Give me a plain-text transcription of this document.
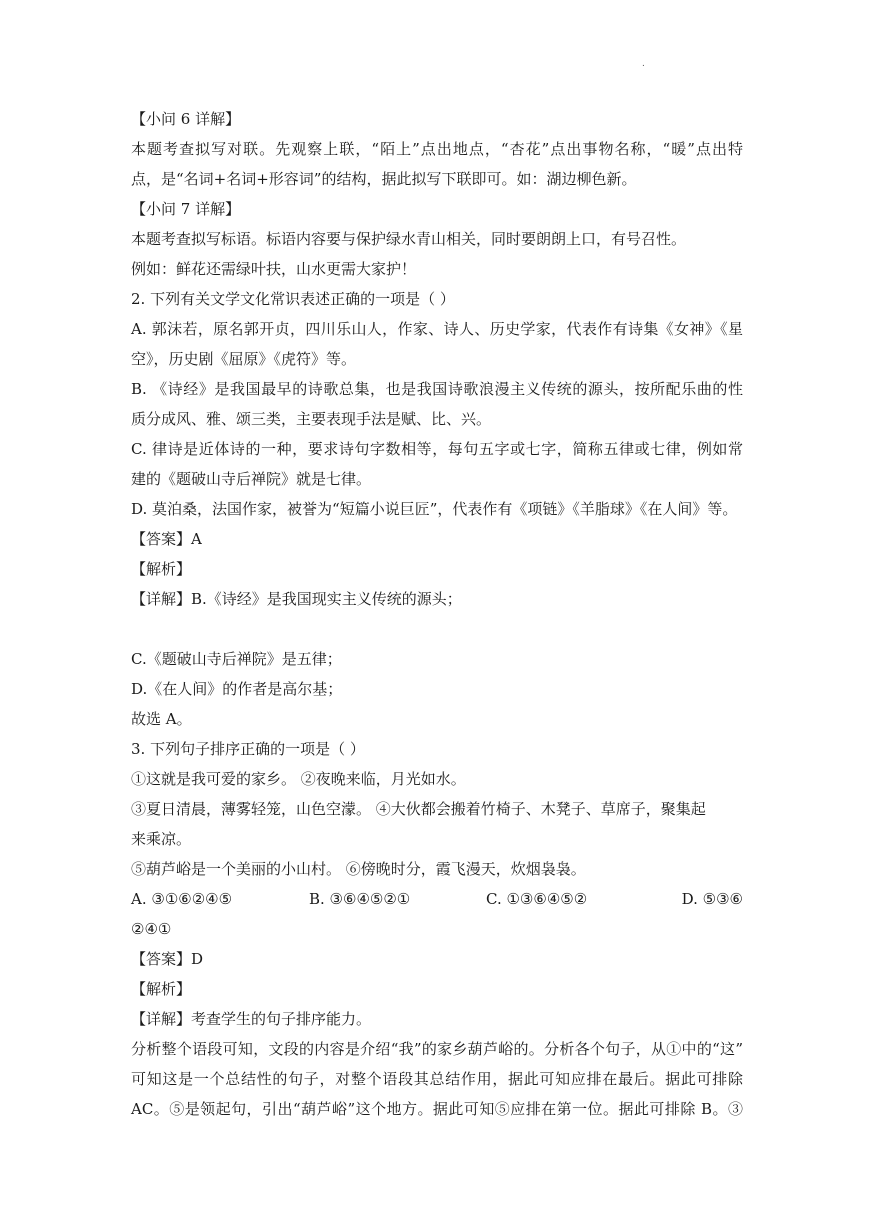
.
【小问 6 详解】
本题考查拟写对联。先观察上联，“陌上”点出地点，“杏花”点出事物名称，“暖”点出特
点，是“名词+名词+形容词”的结构，据此拟写下联即可。如：湖边柳色新。
【小问 7 详解】
本题考查拟写标语。标语内容要与保护绿水青山相关，同时要朗朗上口，有号召性。
例如：鲜花还需绿叶扶，山水更需大家护！
2. 下列有关文学文化常识表述正确的一项是（ ）
A. 郭沫若，原名郭开贞，四川乐山人，作家、诗人、历史学家，代表作有诗集《女神》《星
空》，历史剧《屈原》《虎符》等。
B. 《诗经》是我国最早的诗歌总集，也是我国诗歌浪漫主义传统的源头，按所配乐曲的性
质分成风、雅、颂三类，主要表现手法是赋、比、兴。
C. 律诗是近体诗的一种，要求诗句字数相等，每句五字或七字，简称五律或七律，例如常
建的《题破山寺后禅院》就是七律。
D. 莫泊桑，法国作家，被誉为“短篇小说巨匠”，代表作有《项链》《羊脂球》《在人间》等。
【答案】A
【解析】
【详解】B.《诗经》是我国现实主义传统的源头；
C.《题破山寺后禅院》是五律；
D.《在人间》的作者是高尔基；
故选 A。
3. 下列句子排序正确的一项是（ ）
①这就是我可爱的家乡。 ②夜晚来临，月光如水。
③夏日清晨，薄雾轻笼，山色空濛。 ④大伙都会搬着竹椅子、木凳子、草席子，聚集起
来乘凉。
⑤葫芦峪是一个美丽的小山村。 ⑥傍晚时分，霞飞漫天，炊烟袅袅。
A. ③①⑥②④⑤	B. ③⑥④⑤②①	C. ①③⑥④⑤②	D. ⑤③⑥
②④①
【答案】D
【解析】
【详解】考查学生的句子排序能力。
分析整个语段可知，文段的内容是介绍“我”的家乡葫芦峪的。分析各个句子，从①中的“这”
可知这是一个总结性的句子，对整个语段其总结作用，据此可知应排在最后。据此可排除
AC。⑤是领起句，引出“葫芦峪”这个地方。据此可知⑤应排在第一位。据此可排除 B。③
